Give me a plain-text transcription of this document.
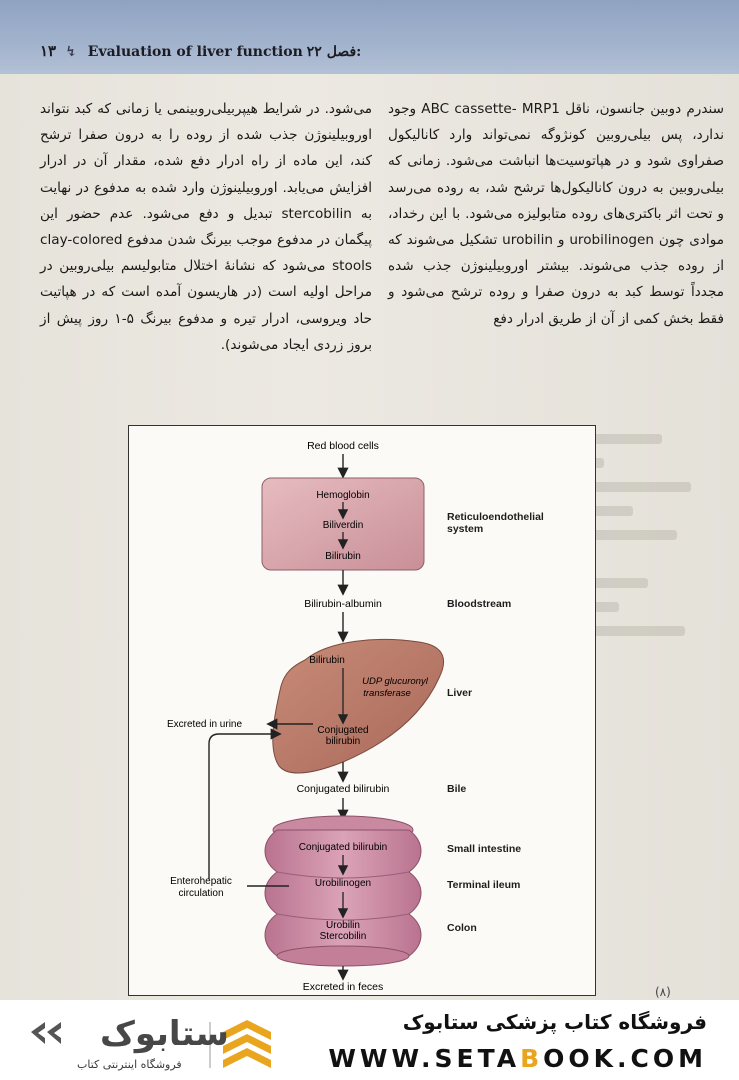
۱۳ ↯ Evaluation of liver function :فصل ۲۲

سندرم دوبین جانسون، ناقل ABC cassette- MRP1 وجود ندارد، پس بیلی‌روبین کونژوگه نمی‌تواند وارد کانالیکول صفراوی شود و در هپاتوسیت‌ها انباشت می‌شود. زمانی که بیلی‌روبین به درون کانالیکول‌ها ترشح شد، به روده می‌رسد و تحت اثر باکتری‌های روده متابولیزه می‌شود. با این رخداد، موادی چون urobilinogen و urobilin تشکیل می‌شوند که از روده جذب می‌شوند. بیشتر اوروبیلینوژن جذب شده مجدداً توسط کبد به درون صفرا و روده ترشح می‌شود و فقط بخش کمی از آن از طریق ادرار دفع

می‌شود. در شرایط هیپربیلی‌روبینمی یا زمانی که کبد نتواند اوروبیلینوژن جذب شده از روده را به درون صفرا ترشح کند، این ماده از راه ادرار دفع شده، مقدار آن در ادرار افزایش می‌یابد. اوروبیلینوژن وارد شده به مدفوع در نهایت به stercobilin تبدیل و دفع می‌شود. عدم حضور این پیگمان در مدفوع موجب بیرنگ شدن مدفوع clay-colored stools می‌شود که نشانهٔ اختلال متابولیسم بیلی‌روبین در مراحل اولیه است (در هاریسون آمده است که در هپاتیت حاد ویروسی، ادرار تیره و مدفوع بیرنگ ۵-۱ روز پیش از بروز زردی ایجاد می‌شوند).

Red blood cells
Hemoglobin
Biliverdin
Bilirubin
Bilirubin-albumin
Bilirubin
UDP glucuronyl
transferase
Conjugated
bilirubin
Excreted in urine
Conjugated bilirubin
Conjugated bilirubin
Urobilinogen
Urobilin
Stercobilin
Excreted in feces
Enterohepatic
circulation
Reticuloendothelial
system
Bloodstream
Liver
Bile
Small intestine
Terminal ileum
Colon
(۸)
ستابوک
فروشگاه اینترنتی کتاب
فروشگاه کتاب پزشکی ستابوک
WWW.SETABOOK.COM
